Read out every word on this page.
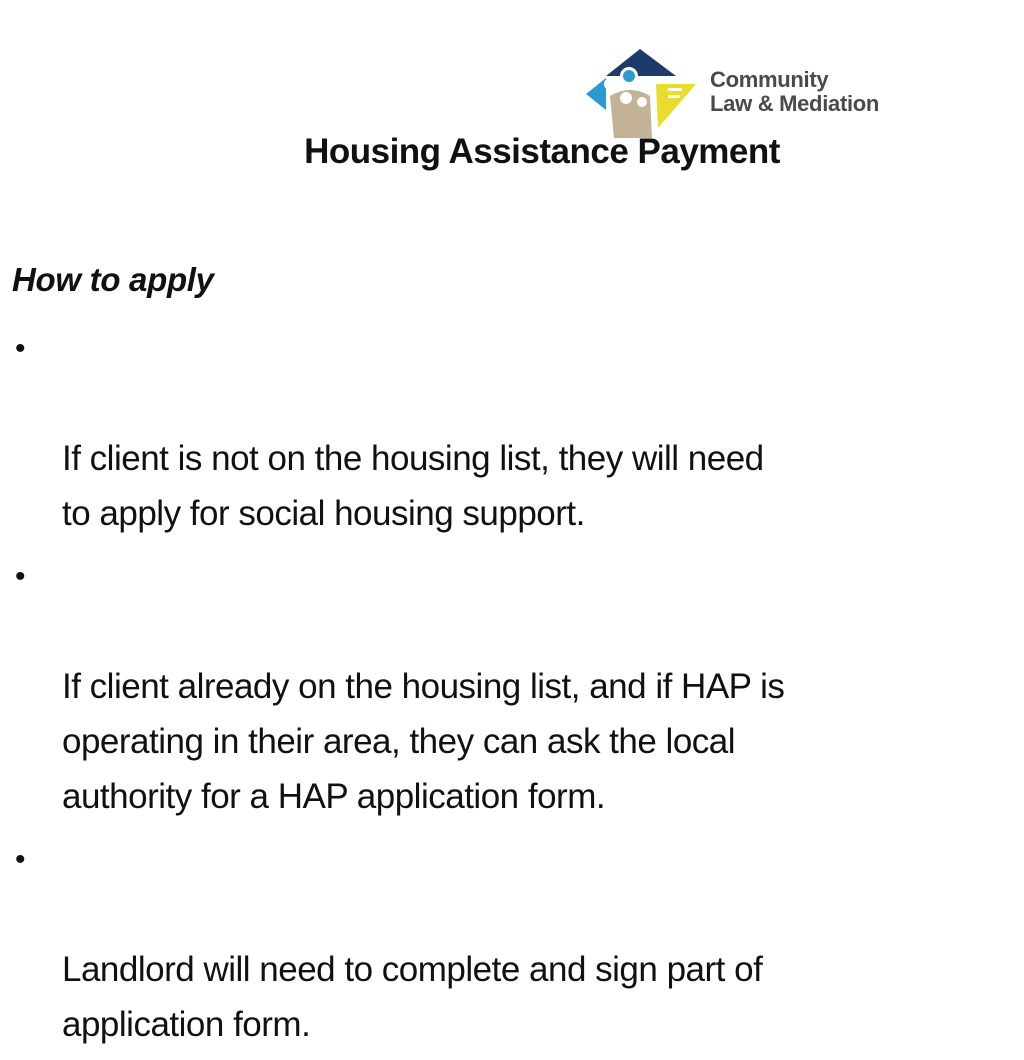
Community
Law & Mediation
Housing Assistance Payment
How to apply

•

If client is not on the housing list, they will need
to apply for social housing support.

•

If client already on the housing list, and if HAP is
operating in their area, they can ask the local
authority for a HAP application form.

•

Landlord will need to complete and sign part of
application form.
